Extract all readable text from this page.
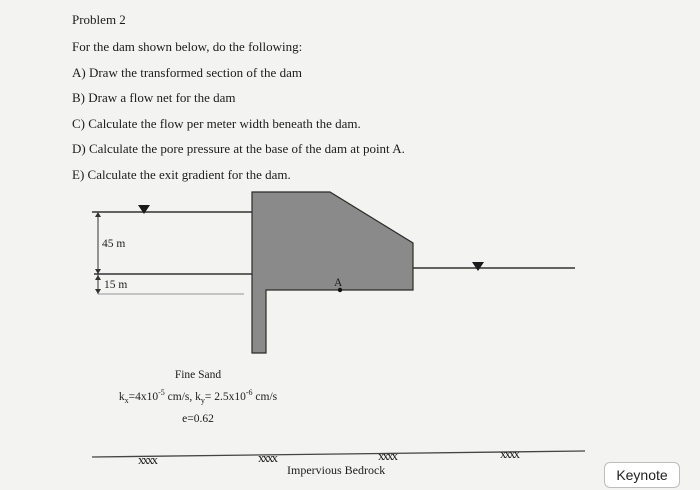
Problem 2
For the dam shown below, do the following:
A) Draw the transformed section of the dam
B) Draw a flow net for the dam
C) Calculate the flow per meter width beneath the dam.
D) Calculate the pore pressure at the base of the dam at point A.
E) Calculate the exit gradient for the dam.
45 m
15 m	A
Fine Sand
$k_x=4x10^{-5}$ cm/s, $k_y= 2.5x10^{-6}$ cm/s
e=0.62
xxxx	xxxx	xxxx	xxxx
Impervious Bedrock	Keynote
